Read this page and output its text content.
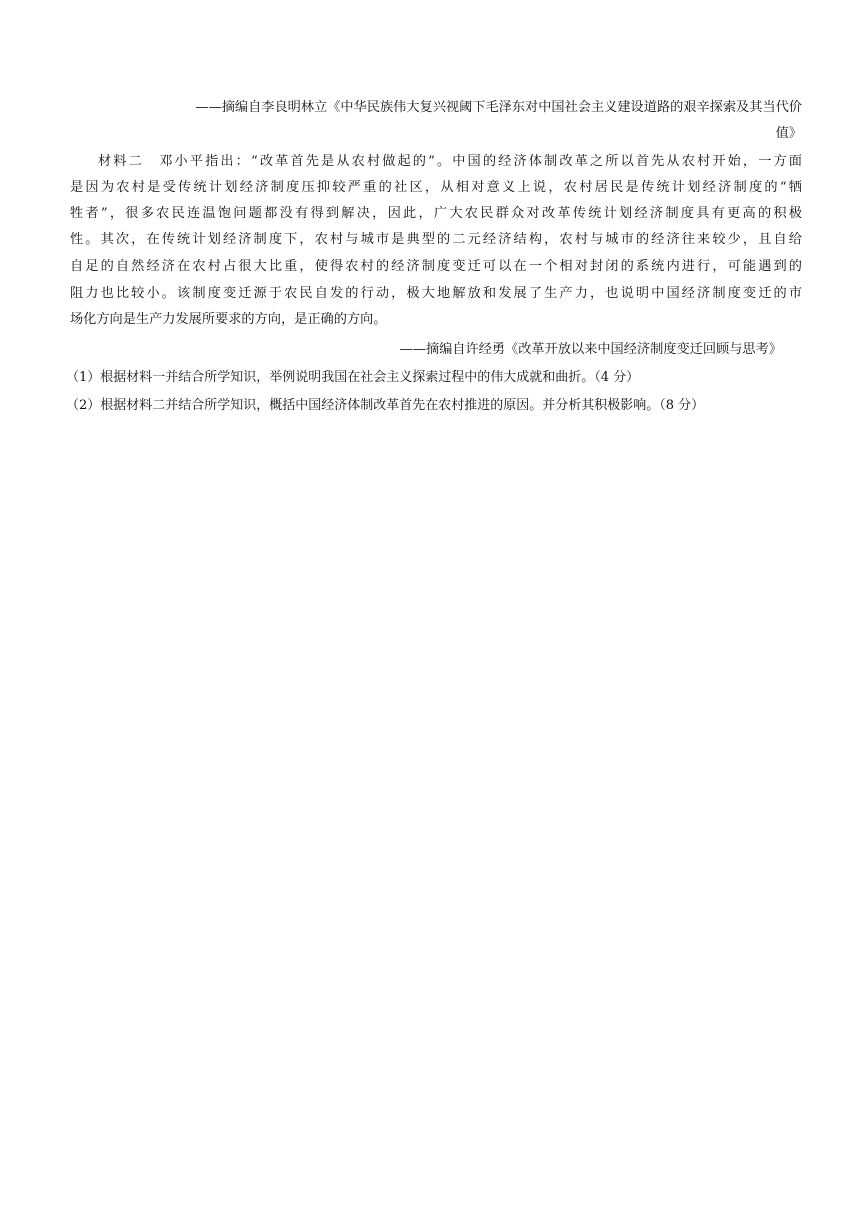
——摘编自李良明林立《中华民族伟大复兴视阈下毛泽东对中国社会主义建设道路的艰辛探索及其当代价
值》
材料二　邓小平指出：“改革首先是从农村做起的”。中国的经济体制改革之所以首先从农村开始，一方面
是因为农村是受传统计划经济制度压抑较严重的社区，从相对意义上说，农村居民是传统计划经济制度的“牺
牲者”，很多农民连温饱问题都没有得到解决，因此，广大农民群众对改革传统计划经济制度具有更高的积极
性。其次，在传统计划经济制度下，农村与城市是典型的二元经济结构，农村与城市的经济往来较少，且自给
自足的自然经济在农村占很大比重，使得农村的经济制度变迁可以在一个相对封闭的系统内进行，可能遇到的
阻力也比较小。该制度变迁源于农民自发的行动，极大地解放和发展了生产力，也说明中国经济制度变迁的市
场化方向是生产力发展所要求的方向，是正确的方向。
——摘编自许经勇《改革开放以来中国经济制度变迁回顾与思考》
（1）根据材料一并结合所学知识，举例说明我国在社会主义探索过程中的伟大成就和曲折。（4 分）
（2）根据材料二并结合所学知识，概括中国经济体制改革首先在农村推进的原因。并分析其积极影响。（8 分）
